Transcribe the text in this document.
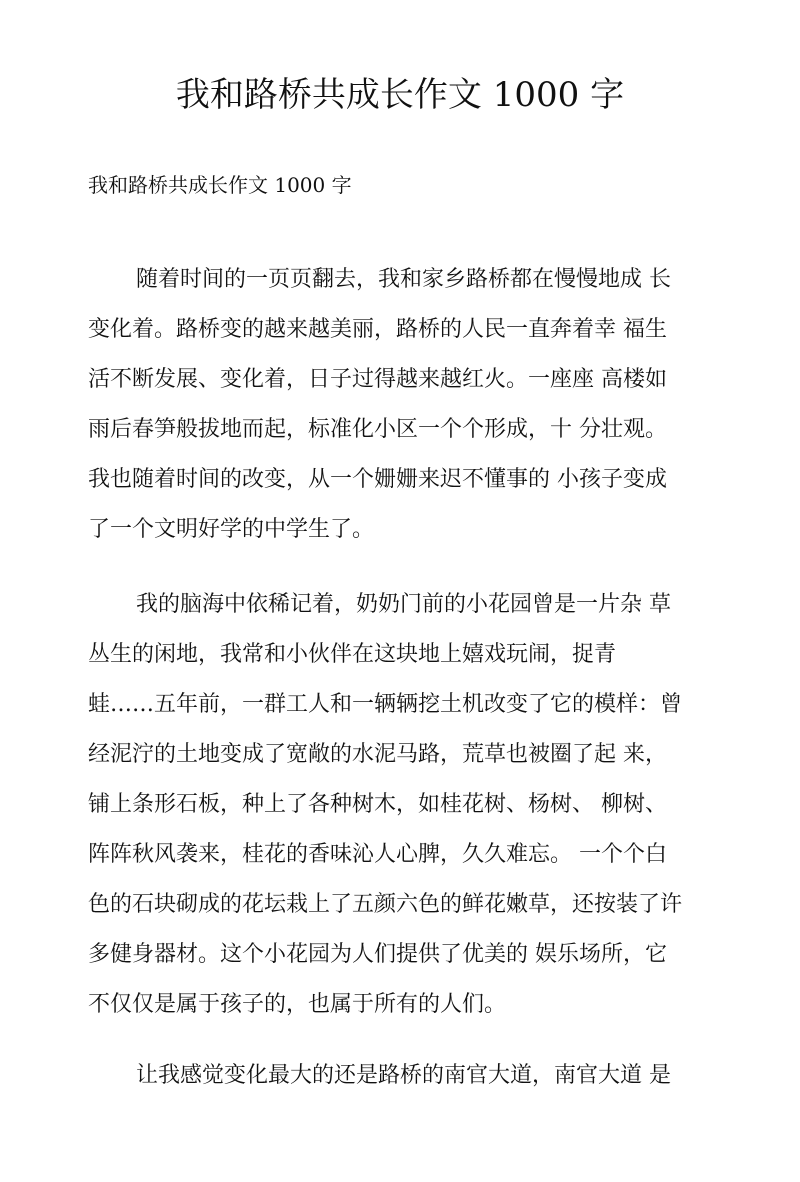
我和路桥共成长作文 1000 字
我和路桥共成长作文 1000 字
随着时间的一页页翻去，我和家乡路桥都在慢慢地成 长
变化着。路桥变的越来越美丽，路桥的人民一直奔着幸 福生
活不断发展、变化着，日子过得越来越红火。一座座 高楼如
雨后春笋般拔地而起，标准化小区一个个形成，十 分壮观。
我也随着时间的改变，从一个姗姗来迟不懂事的 小孩子变成
了一个文明好学的中学生了。
我的脑海中依稀记着，奶奶门前的小花园曾是一片杂 草
丛生的闲地，我常和小伙伴在这块地上嬉戏玩闹，捉青
蛙……五年前，一群工人和一辆辆挖土机改变了它的模样：曾
经泥泞的土地变成了宽敞的水泥马路，荒草也被圈了起 来，
铺上条形石板，种上了各种树木，如桂花树、杨树、 柳树、
阵阵秋风袭来，桂花的香味沁人心脾，久久难忘。 一个个白
色的石块砌成的花坛栽上了五颜六色的鲜花嫩草，还按装了许
多健身器材。这个小花园为人们提供了优美的 娱乐场所，它
不仅仅是属于孩子的，也属于所有的人们。
让我感觉变化最大的还是路桥的南官大道，南官大道 是
